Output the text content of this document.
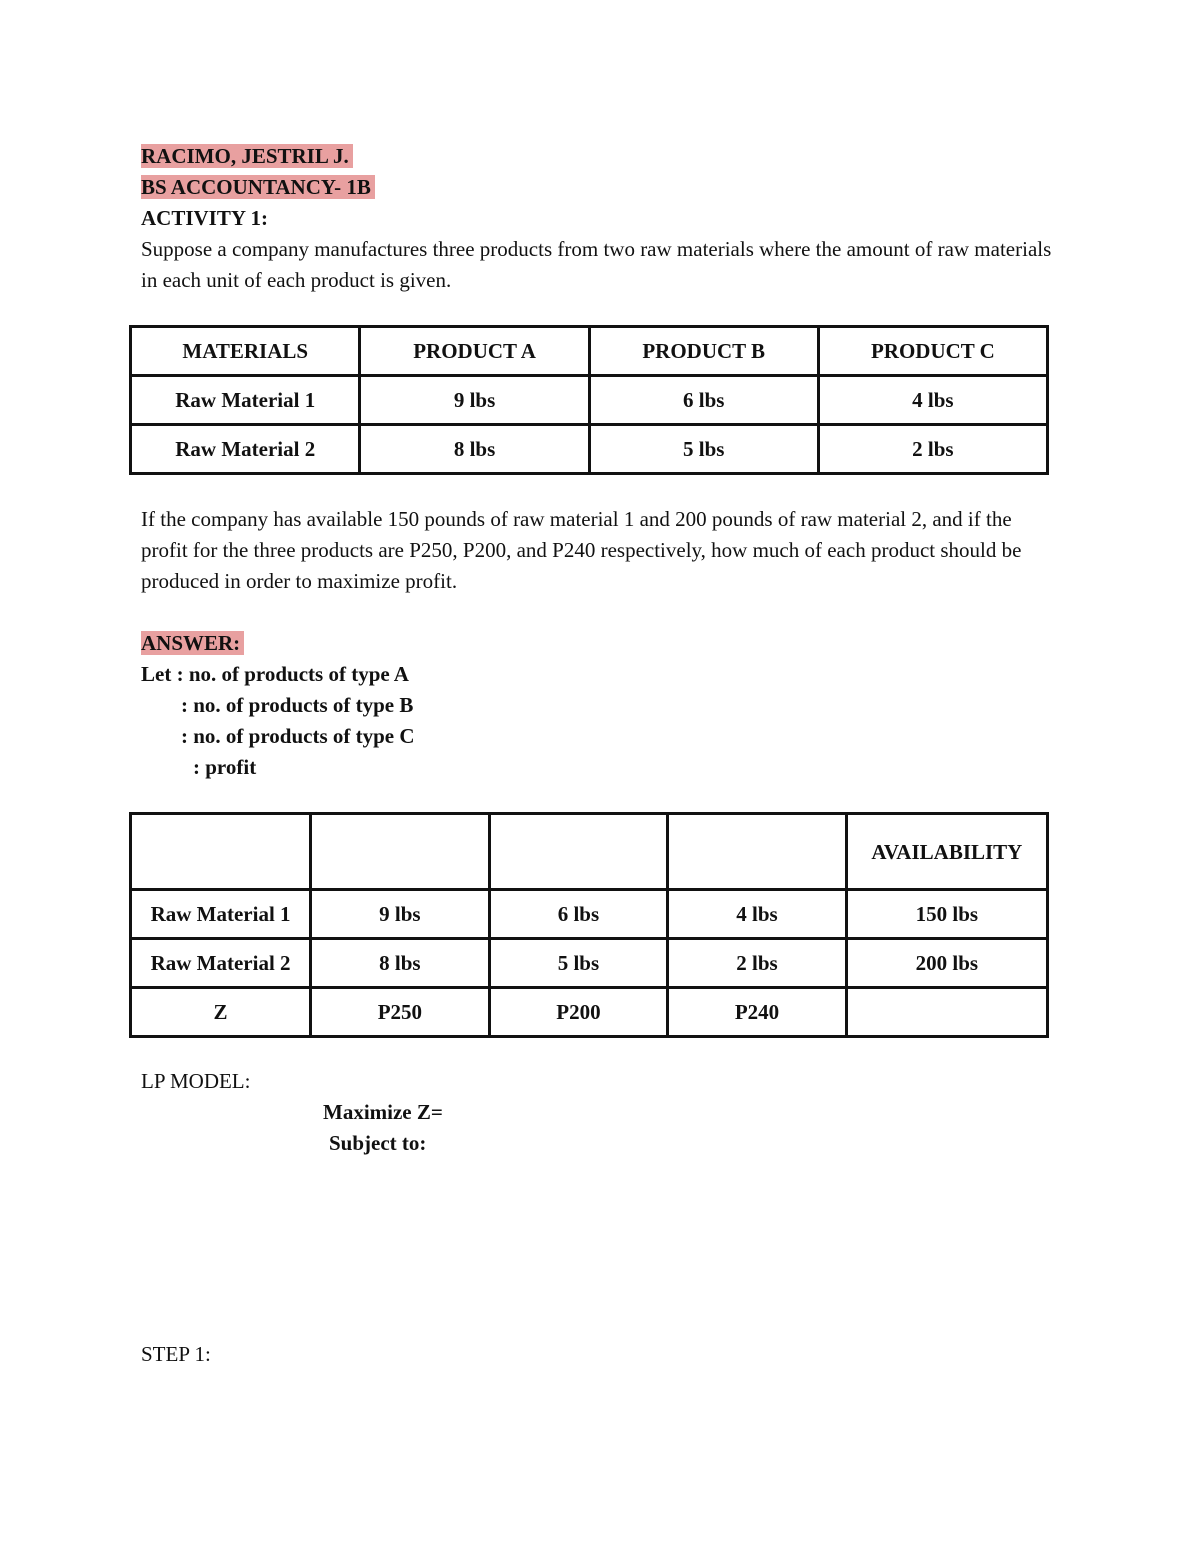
RACIMO, JESTRIL J.
BS ACCOUNTANCY- 1B
ACTIVITY 1:
Suppose a company manufactures three products from two raw materials where the amount of raw materials in each unit of each product is given.
MATERIALS	PRODUCT A	PRODUCT B	PRODUCT C
Raw Material 1	9 lbs	6 lbs	4 lbs
Raw Material 2	8 lbs	5 lbs	2 lbs
If the company has available 150 pounds of raw material 1 and 200 pounds of raw material 2, and if the profit for the three products are P250, P200, and P240 respectively, how much of each product should be produced in order to maximize profit.
ANSWER:
Let : no. of products of type A
: no. of products of type B
: no. of products of type C
: profit
				AVAILABILITY
Raw Material 1	9 lbs	6 lbs	4 lbs	150 lbs
Raw Material 2	8 lbs	5 lbs	2 lbs	200 lbs
Z	P250	P200	P240	
LP MODEL:
Maximize Z=
Subject to:
STEP 1:
